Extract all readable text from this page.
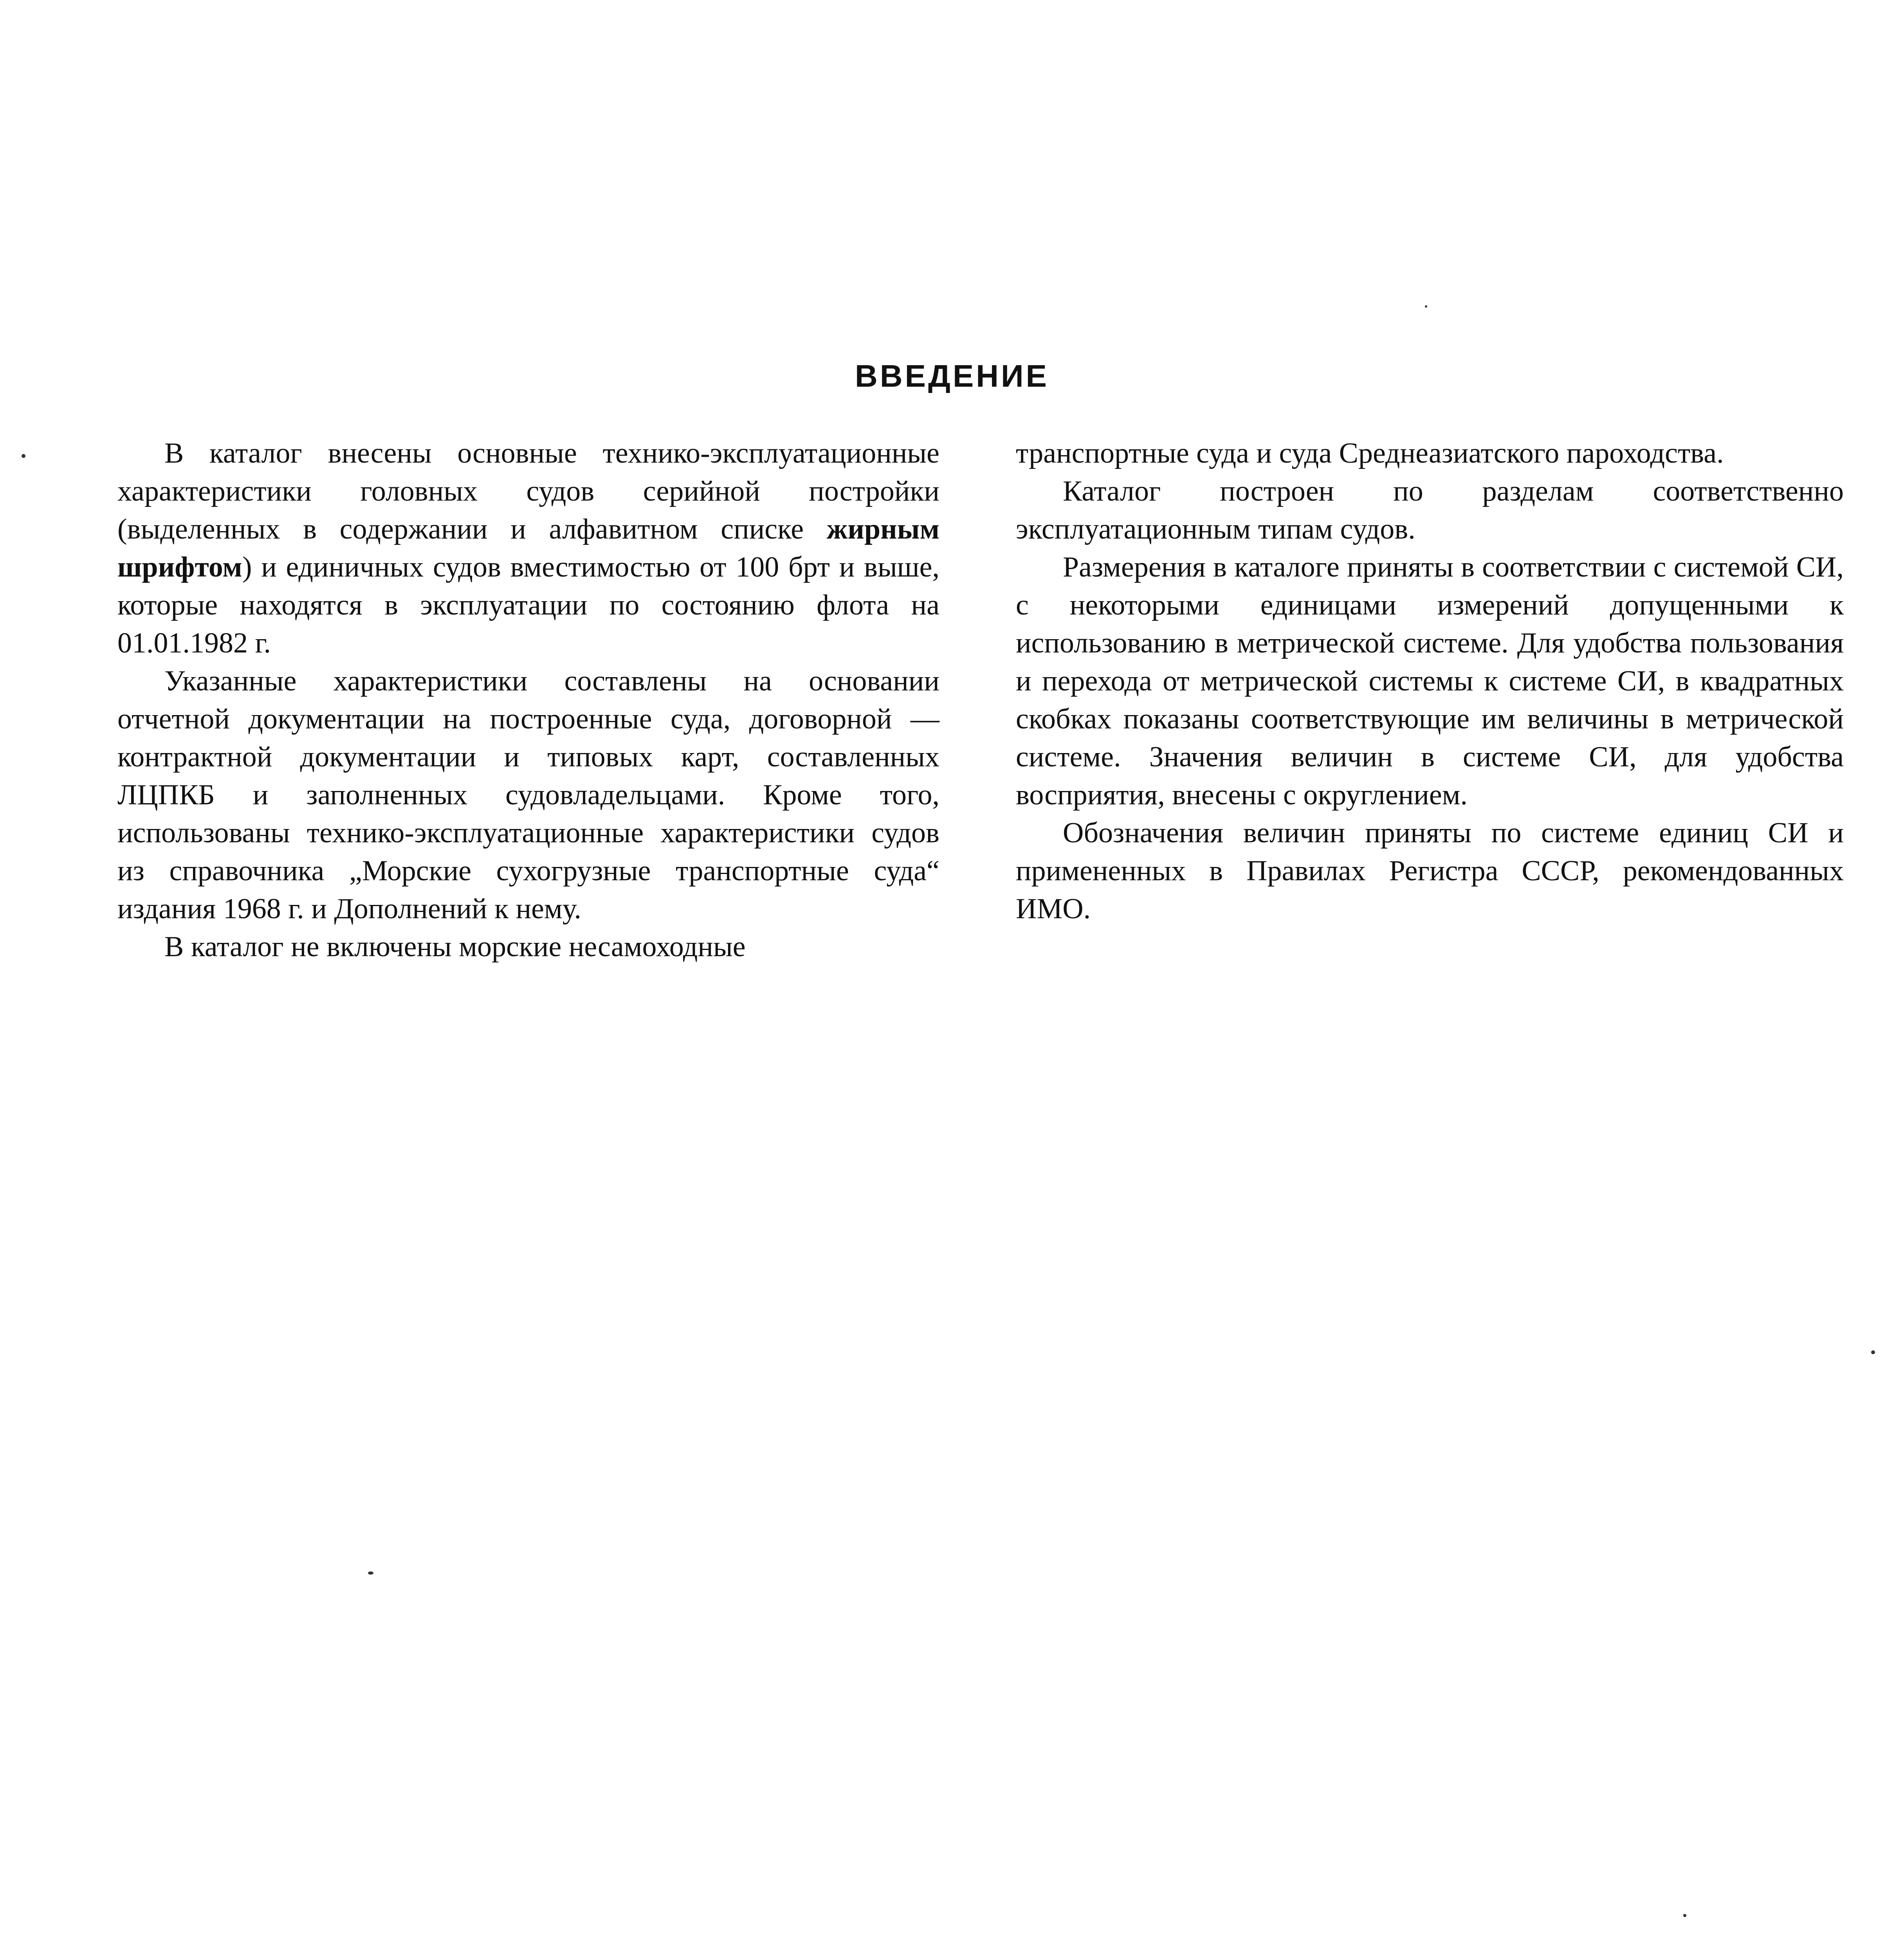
ВВЕДЕНИЕ

В каталог внесены основные технико-эксплуатационные характеристики головных судов серийной постройки (выделенных в содержании и алфавитном списке жирным шрифтом) и единичных судов вместимостью от 100 брт и выше, которые находятся в эксплуатации по состоянию флота на 01.01.1982 г.

Указанные характеристики составлены на основании отчетной документации на построенные суда, договорной — контрактной документации и типовых карт, составленных ЛЦПКБ и заполненных судовладельцами. Кроме того, использованы технико-эксплуатационные характеристики судов из справочника „Морские сухогрузные транспортные суда“ издания 1968 г. и Дополнений к нему.

В каталог не включены морские несамоходные

транспортные суда и суда Среднеазиатского пароходства.

Каталог построен по разделам соответственно эксплуатационным типам судов.

Размерения в каталоге приняты в соответствии с системой СИ, с некоторыми единицами измерений допущенными к использованию в метрической системе. Для удобства пользования и перехода от метрической системы к системе СИ, в квадратных скобках показаны соответствующие им величины в метрической системе. Значения величин в системе СИ, для удобства восприятия, внесены с округлением.

Обозначения величин приняты по системе единиц СИ и примененных в Правилах Регистра СССР, рекомендованных ИМО.
